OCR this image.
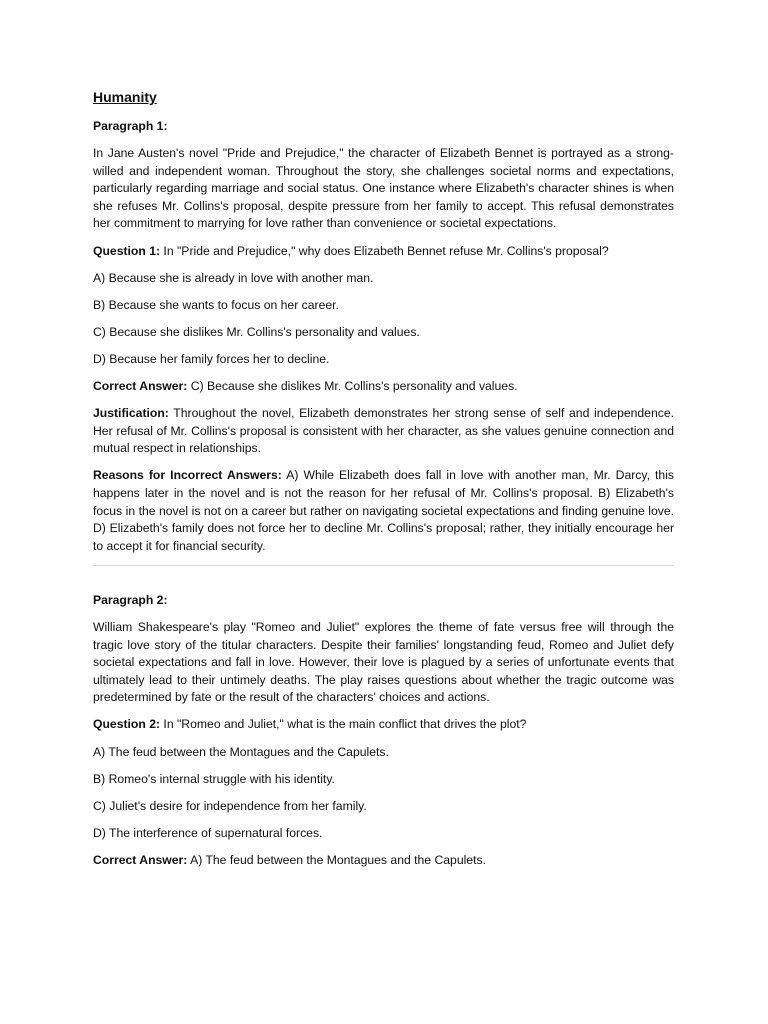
Humanity

Paragraph 1:

In Jane Austen's novel "Pride and Prejudice," the character of Elizabeth Bennet is portrayed as a strong-willed and independent woman. Throughout the story, she challenges societal norms and expectations, particularly regarding marriage and social status. One instance where Elizabeth's character shines is when she refuses Mr. Collins's proposal, despite pressure from her family to accept. This refusal demonstrates her commitment to marrying for love rather than convenience or societal expectations.

Question 1: In "Pride and Prejudice," why does Elizabeth Bennet refuse Mr. Collins's proposal?

A) Because she is already in love with another man.

B) Because she wants to focus on her career.

C) Because she dislikes Mr. Collins's personality and values.

D) Because her family forces her to decline.

Correct Answer: C) Because she dislikes Mr. Collins's personality and values.

Justification: Throughout the novel, Elizabeth demonstrates her strong sense of self and independence. Her refusal of Mr. Collins's proposal is consistent with her character, as she values genuine connection and mutual respect in relationships.

Reasons for Incorrect Answers: A) While Elizabeth does fall in love with another man, Mr. Darcy, this happens later in the novel and is not the reason for her refusal of Mr. Collins's proposal. B) Elizabeth's focus in the novel is not on a career but rather on navigating societal expectations and finding genuine love. D) Elizabeth's family does not force her to decline Mr. Collins's proposal; rather, they initially encourage her to accept it for financial security.

Paragraph 2:

William Shakespeare's play "Romeo and Juliet" explores the theme of fate versus free will through the tragic love story of the titular characters. Despite their families' longstanding feud, Romeo and Juliet defy societal expectations and fall in love. However, their love is plagued by a series of unfortunate events that ultimately lead to their untimely deaths. The play raises questions about whether the tragic outcome was predetermined by fate or the result of the characters' choices and actions.

Question 2: In "Romeo and Juliet," what is the main conflict that drives the plot?

A) The feud between the Montagues and the Capulets.

B) Romeo's internal struggle with his identity.

C) Juliet's desire for independence from her family.

D) The interference of supernatural forces.

Correct Answer: A) The feud between the Montagues and the Capulets.
